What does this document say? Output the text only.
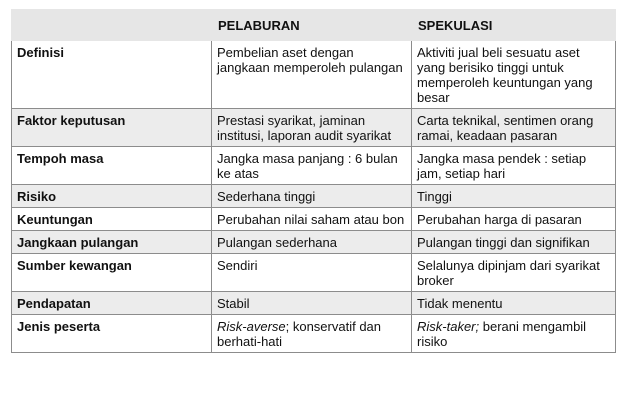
	PELABURAN	SPEKULASI
Definisi	Pembelian aset dengan jangkaan memperoleh pulangan	Aktiviti jual beli sesuatu aset yang berisiko tinggi untuk memperoleh keuntungan yang besar
Faktor keputusan	Prestasi syarikat, jaminan institusi, laporan audit syarikat	Carta teknikal, sentimen orang ramai, keadaan pasaran
Tempoh masa	Jangka masa panjang : 6 bulan ke atas	Jangka masa pendek : setiap jam, setiap hari
Risiko	Sederhana tinggi	Tinggi
Keuntungan	Perubahan nilai saham atau bon	Perubahan harga di pasaran
Jangkaan pulangan	Pulangan sederhana	Pulangan tinggi dan signifikan
Sumber kewangan	Sendiri	Selalunya dipinjam dari syarikat broker
Pendapatan	Stabil	Tidak menentu
Jenis peserta	Risk-averse; konservatif dan berhati-hati	Risk-taker; berani mengambil risiko
